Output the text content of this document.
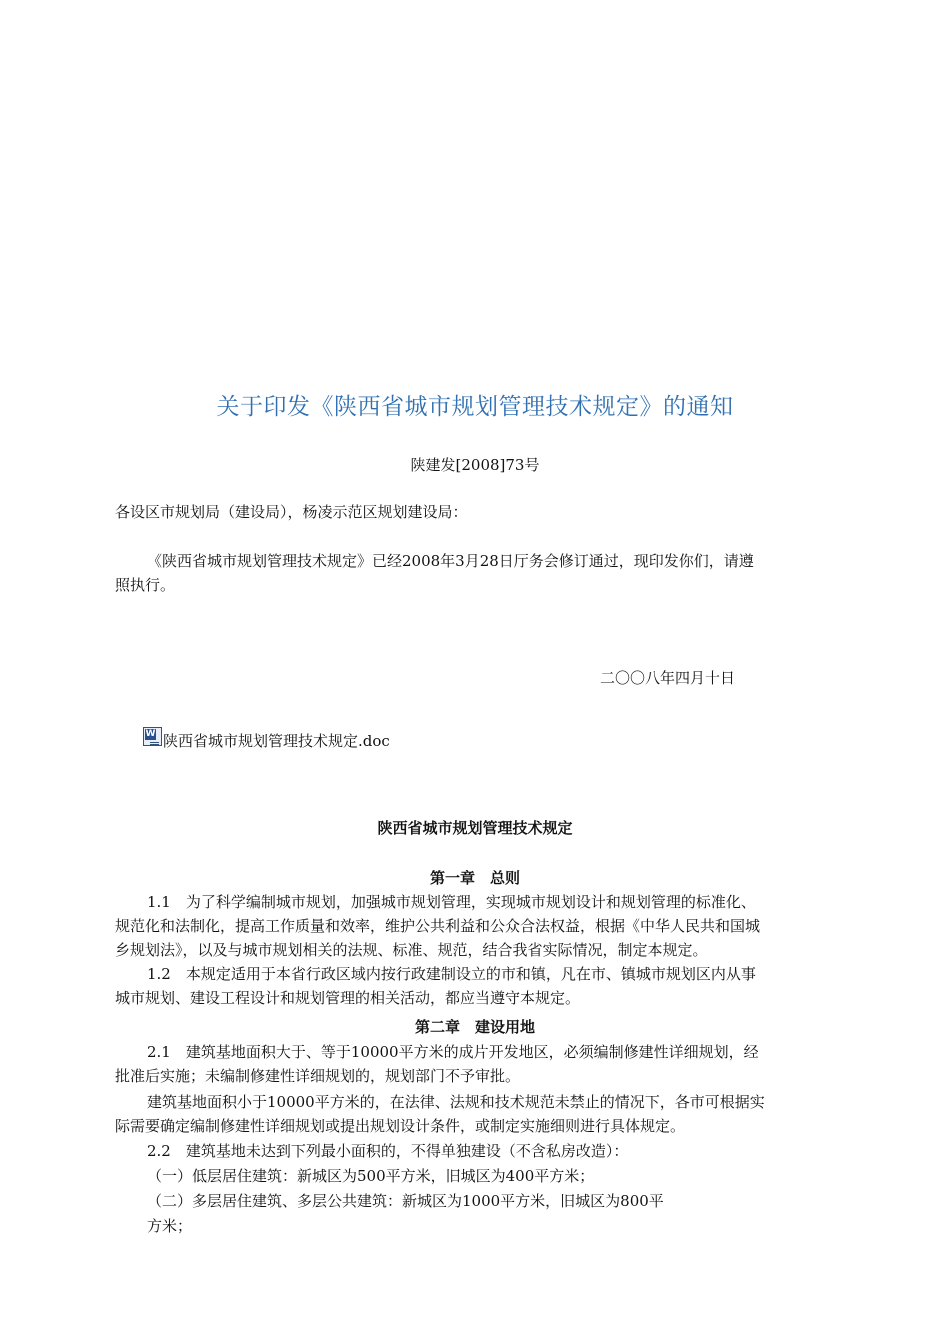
关于印发《陕西省城市规划管理技术规定》的通知
陕建发[2008]73号
各设区市规划局（建设局），杨凌示范区规划建设局：
《陕西省城市规划管理技术规定》已经2008年3月28日厅务会修订通过，现印发你们，请遵
照执行。
二〇〇八年四月十日
W 陕西省城市规划管理技术规定.doc
陕西省城市规划管理技术规定
第一章　总则
1.1　为了科学编制城市规划，加强城市规划管理，实现城市规划设计和规划管理的标准化、
规范化和法制化，提高工作质量和效率，维护公共利益和公众合法权益，根据《中华人民共和国城
乡规划法》，以及与城市规划相关的法规、标准、规范，结合我省实际情况，制定本规定。
1.2　本规定适用于本省行政区域内按行政建制设立的市和镇，凡在市、镇城市规划区内从事
城市规划、建设工程设计和规划管理的相关活动，都应当遵守本规定。
第二章　建设用地
2.1　建筑基地面积大于、等于10000平方米的成片开发地区，必须编制修建性详细规划，经
批准后实施；未编制修建性详细规划的，规划部门不予审批。
建筑基地面积小于10000平方米的，在法律、法规和技术规范未禁止的情况下，各市可根据实
际需要确定编制修建性详细规划或提出规划设计条件，或制定实施细则进行具体规定。
2.2　建筑基地未达到下列最小面积的，不得单独建设（不含私房改造）：
（一）低层居住建筑：新城区为500平方米，旧城区为400平方米；
（二）多层居住建筑、多层公共建筑：新城区为1000平方米，旧城区为800平
方米；
